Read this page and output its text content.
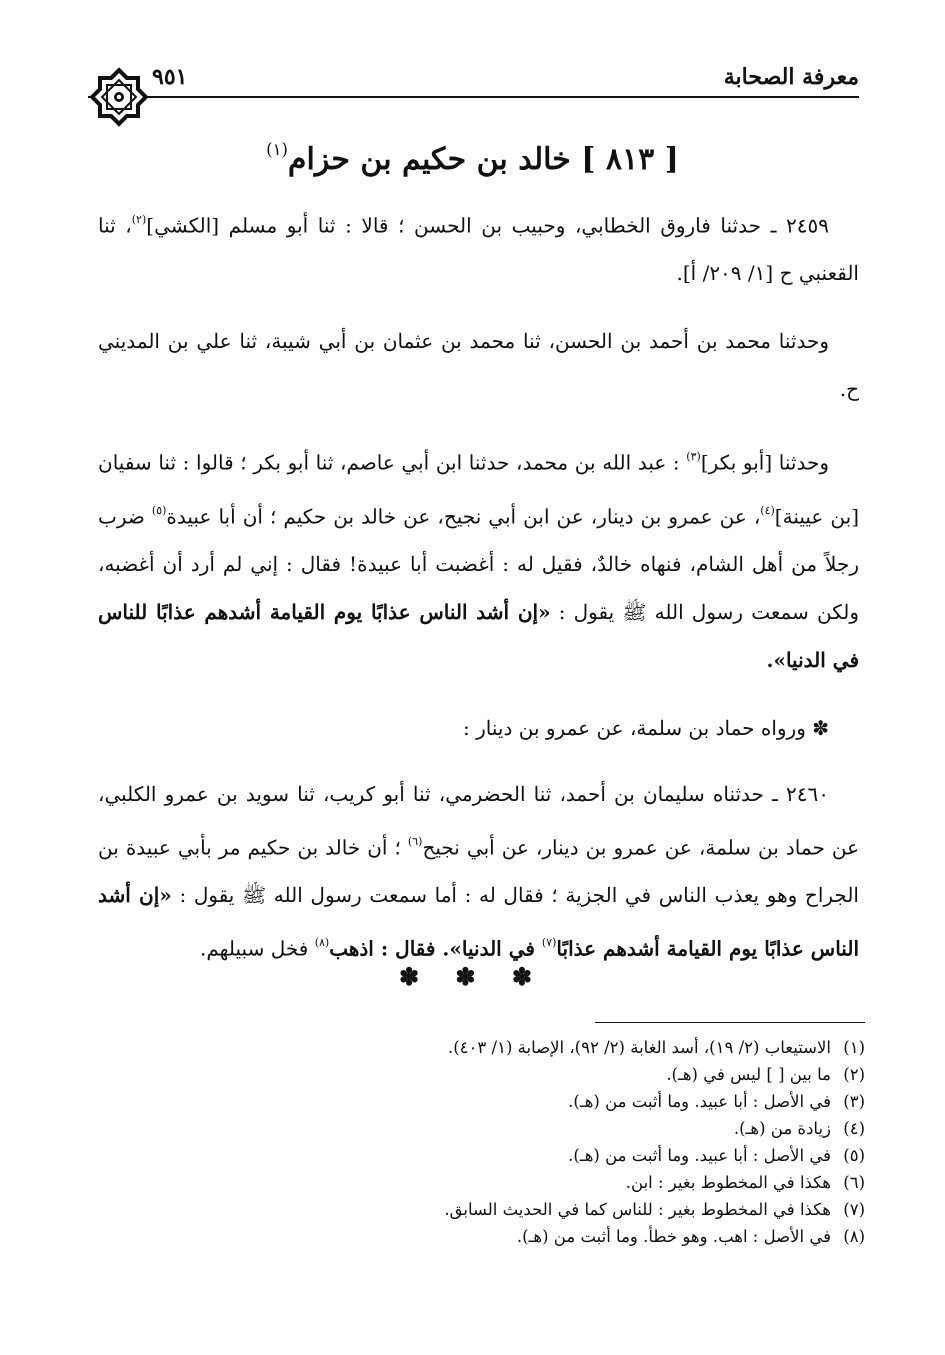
معرفة الصحابة
٩٥١
[ ٨١٣ ] خالد بن حكيم بن حزام$^{(١)}$

٢٤٥٩ ـ حدثنا فاروق الخطابي، وحبيب بن الحسن ؛ قالا : ثنا أبو مسلم [الكشي]$^{(٢)}$، ثنا القعنبي ح [١/ ٢٠٩/ أ].

وحدثنا محمد بن أحمد بن الحسن، ثنا محمد بن عثمان بن أبي شيبة، ثنا علي بن المديني ح.

وحدثنا [أبو بكر]$^{(٣)}$ : عبد الله بن محمد، حدثنا ابن أبي عاصم، ثنا أبو بكر ؛ قالوا : ثنا سفيان [بن عيينة]$^{(٤)}$، عن عمرو بن دينار، عن ابن أبي نجيح، عن خالد بن حكيم ؛ أن أبا عبيدة$^{(٥)}$ ضرب رجلاً من أهل الشام، فنهاه خالدٌ، فقيل له : أغضبت أبا عبيدة! فقال : إني لم أرد أن أغضبه، ولكن سمعت رسول الله ﷺ يقول : «إن أشد الناس عذابًا يوم القيامة أشدهم عذابًا للناس في الدنيا».

✽ ورواه حماد بن سلمة، عن عمرو بن دينار :

٢٤٦٠ ـ حدثناه سليمان بن أحمد، ثنا الحضرمي، ثنا أبو كريب، ثنا سويد بن عمرو الكلبي، عن حماد بن سلمة، عن عمرو بن دينار، عن أبي نجيح$^{(٦)}$ ؛ أن خالد بن حكيم مر بأبي عبيدة بن الجراح وهو يعذب الناس في الجزية ؛ فقال له : أما سمعت رسول الله ﷺ يقول : «إن أشد الناس عذابًا يوم القيامة أشدهم عذابًا$^{(٧)}$ في الدنيا». فقال : اذهب$^{(٨)}$ فخل سبيلهم.

✽ ✽ ✽
(١)الاستيعاب (٢/ ١٩)، أسد الغابة (٢/ ٩٢)، الإصابة (١/ ٤٠٣).
(٢)ما بين [ ] ليس في (هـ).
(٣)في الأصل : أبا عبيد. وما أثبت من (هـ).
(٤)زيادة من (هـ).
(٥)في الأصل : أبا عبيد. وما أثبت من (هـ).
(٦)هكذا في المخطوط بغير : ابن.
(٧)هكذا في المخطوط بغير : للناس كما في الحديث السابق.
(٨)في الأصل : اهب. وهو خطأ. وما أثبت من (هـ).
